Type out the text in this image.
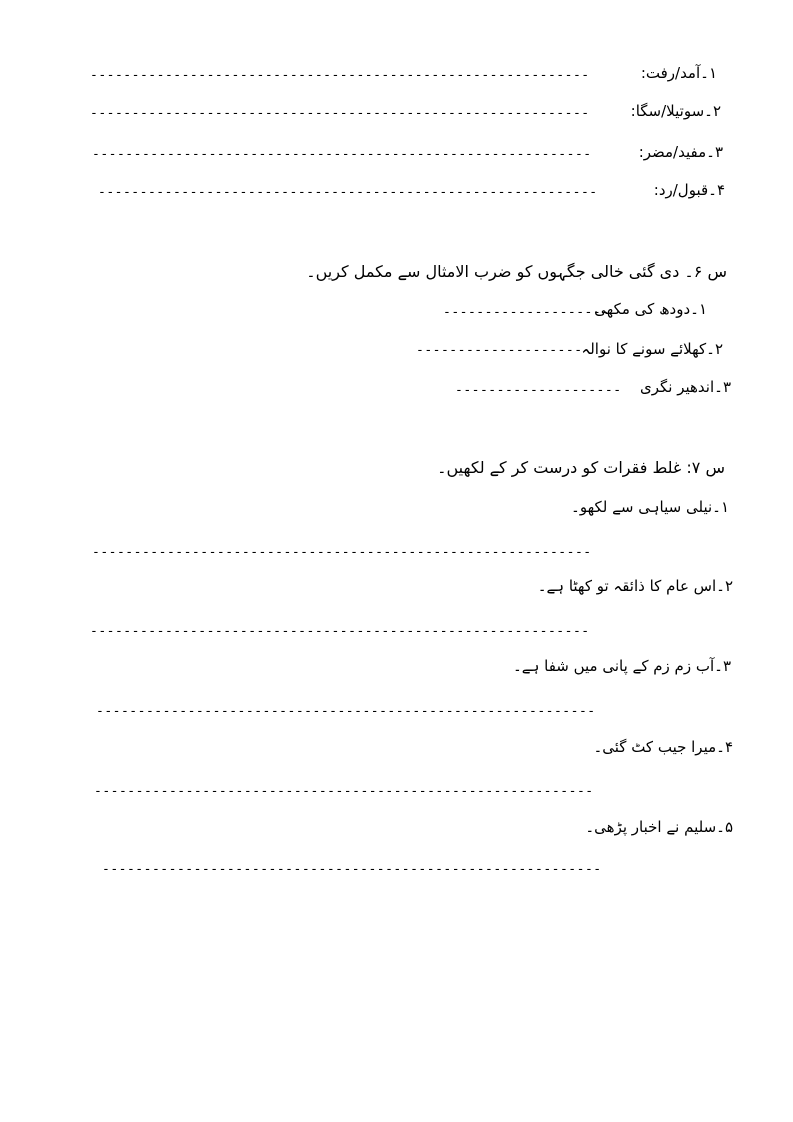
۱۔آمد/رفت:
------------------------------------------------------------
۲۔سوتیلا/سگا:
------------------------------------------------------------
۳۔مفید/مضر:
------------------------------------------------------------
۴۔قبول/رد:
------------------------------------------------------------
س ۶۔ دی گئی خالی جگہوں کو ضرب الامثال سے مکمل کریں۔
۱۔دودھ کی مکھی
--------------------
۲۔کھلائے سونے کا نوالہ
--------------------
۳۔اندھیر نگری
--------------------
س ۷: غلط فقرات کو درست کر کے لکھیں۔
۱۔نیلی سیاہی سے لکھو۔
------------------------------------------------------------
۲۔اس عام کا ذائقہ تو کھٹا ہے۔
------------------------------------------------------------
۳۔آب زم زم کے پانی میں شفا ہے۔
------------------------------------------------------------
۴۔میرا جیب کٹ گئی۔
------------------------------------------------------------
۵۔سلیم نے اخبار پڑھی۔
------------------------------------------------------------
